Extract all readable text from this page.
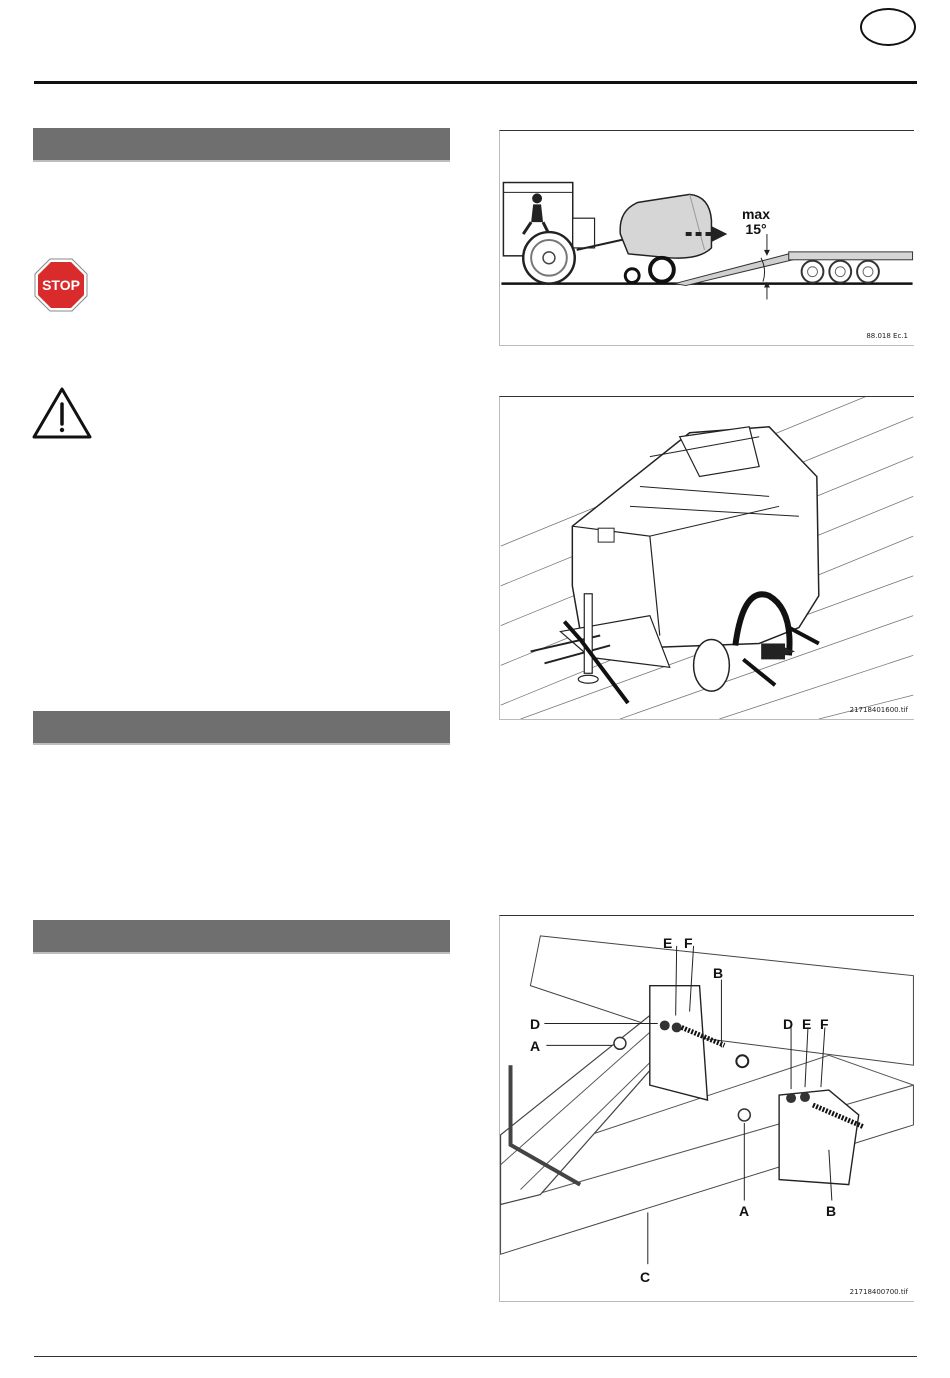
STOP
max
15°
88.018 Ec.1
21718401600.tif
E F
B
D
A
D E F
A	B
C
21718400700.tif
